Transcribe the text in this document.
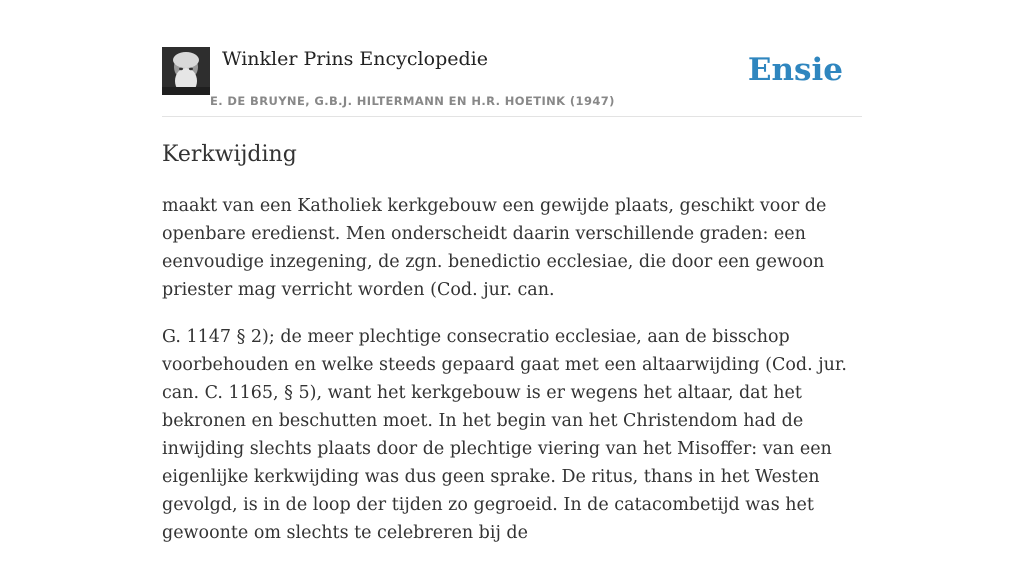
Winkler Prins Encyclopedie
E. DE BRUYNE, G.B.J. HILTERMANN EN H.R. HOETINK (1947)
Ensie
Kerkwijding

maakt van een Katholiek kerkgebouw een gewijde plaats, geschikt voor de openbare eredienst. Men onderscheidt daarin verschillende graden: een eenvoudige inzegening, de zgn. benedictio ecclesiae, die door een gewoon priester mag verricht worden (Cod. jur. can.

G. 1147 § 2); de meer plechtige consecratio ecclesiae, aan de bisschop voorbehouden en welke steeds gepaard gaat met een altaarwijding (Cod. jur. can. C. 1165, § 5), want het kerkgebouw is er wegens het altaar, dat het bekronen en beschutten moet. In het begin van het Christendom had de inwijding slechts plaats door de plechtige viering van het Misoffer: van een eigenlijke kerkwijding was dus geen sprake. De ritus, thans in het Westen gevolgd, is in de loop der tijden zo gegroeid. In de catacombetijd was het gewoonte om slechts te celebreren bij de
